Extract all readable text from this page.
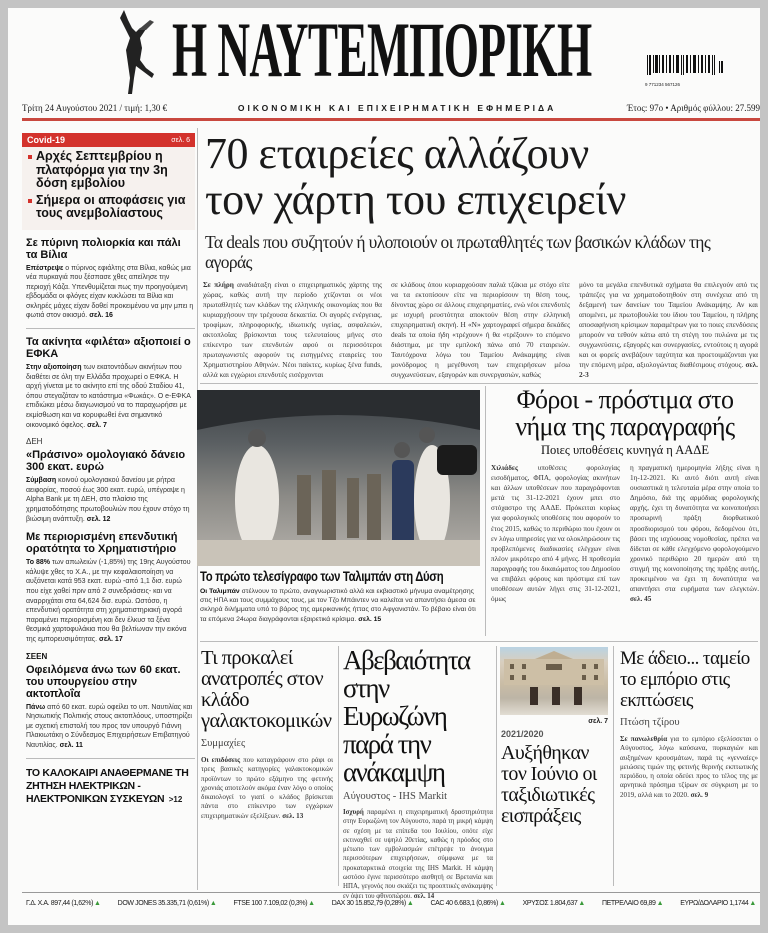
Η ΝΑΥΤΕΜΠΟΡΙΚΗ	9 771234 567126
Τρίτη 24 Αυγούστου 2021 / τιμή: 1,30 €	ΟΙΚΟΝΟΜΙΚΗ ΚΑΙ ΕΠΙΧΕΙΡΗΜΑΤΙΚΗ ΕΦΗΜΕΡΙΔΑ	Έτος: 97ο • Αριθμός φύλλου: 27.599
Covid-19	σελ. 6
Αρχές Σεπτεμβρίου η πλατφόρμα για την 3η δόση εμβολίου
Σήμερα οι αποφάσεις για τους ανεμβολίαστους
Σε πύρινη πολιορκία και πάλι τα Βίλια

Επέστρεψε ο πύρινος εφιάλτης στα Βίλια, καθώς μια νέα πυρκαγιά που ξέσπασε χθες απείλησε την περιοχή Κάζα. Υπενθυμίζεται πως την προηγούμενη εβδομάδα οι φλόγες είχαν κυκλώσει τα Βίλια και σκληρές μάχες είχαν δοθεί προκειμένου να μην μπει η φωτιά στον οικισμό. σελ. 16

Τα ακίνητα «φιλέτα» αξιοποιεί ο ΕΦΚΑ

Στην αξιοποίηση των εκατοντάδων ακινήτων που διαθέτει σε όλη την Ελλάδα προχωρεί ο ΕΦΚΑ. Η αρχή γίνεται με το ακίνητο επί της οδού Σταδίου 41, όπου στεγαζόταν το κατάστημα «Φωκάς». Ο e-ΕΦΚΑ επιδιώκει μέσω διαγωνισμού να το παραχωρήσει με εκμίσθωση και να κορυφωθεί ένα σημαντικό οικονομικό όφελος. σελ. 7

ΔΕΗ
«Πράσινο» ομολογιακό δάνειο 300 εκατ. ευρώ

Σύμβαση κοινού ομολογιακού δανείου με ρήτρα αειφορίας, ποσού έως 300 εκατ. ευρώ, υπέγραψε η Alpha Bank με τη ΔΕΗ, στο πλαίσιο της χρηματοδότησης πρωτοβουλιών που έχουν στόχο τη βιώσιμη ανάπτυξη. σελ. 12

Με περιορισμένη επενδυτική ορατότητα το Χρηματιστήριο

Το 88% των απωλειών (-1,85%) της 19ης Αυγούστου κάλυψε χθες το Χ.Α., με την κεφαλαιοποίηση να αυξάνεται κατά 953 εκατ. ευρώ -από 1,1 δισ. ευρώ που είχε χαθεί πριν από 2 συνεδριάσεις- και να αναρριχάται στα 64,624 δισ. ευρώ. Ωστόσο, η επενδυτική ορατότητα στη χρηματιστηριακή αγορά παραμένει περιορισμένη και δεν έλκυσ τα ξένα θεσμικά χαρτοφυλάκια που θα βελτίωναν την εικόνα της εμπορευσιμότητας. σελ. 17

ΣΕΕΝ
Οφειλόμενα άνω των 60 εκατ. του υπουργείου στην ακτοπλοΐα

Πάνω από 60 εκατ. ευρώ οφείλει το υπ. Ναυτιλίας και Νησιωτικής Πολιτικής στους ακτοπλόους, υποστηρίζει με σχετική επιστολή του προς τον υπουργό Γιάννη Πλακιωτάκη ο Σύνδεσμος Επιχειρήσεων Επιβατηγού Ναυτιλίας. σελ. 11

ΤΟ ΚΑΛΟΚΑΙΡΙ ΑΝΑΘΕΡΜΑΝΕ ΤΗ ΖΗΤΗΣΗ ΗΛΕΚΤΡΙΚΩΝ - ΗΛΕΚΤΡΟΝΙΚΩΝ ΣΥΣΚΕΥΩΝ >12
70 εταιρείες αλλάζουν
τον χάρτη του επιχειρείν
Τα deals που συζητούν ή υλοποιούν οι πρωταθλητές των βασικών κλάδων της αγοράς

Σε πλήρη αναδιάταξη είναι ο επιχειρηματικός χάρτης της χώρας, καθώς αυτή την περίοδο χτίζονται οι νέοι πρωταθλητές των κλάδων της ελληνικής οικονομίας που θα κυριαρχήσουν την τρέχουσα δεκαετία. Οι αγορές ενέργειας, τροφίμων, πληροφορικής, ιδιωτικής υγείας, ασφαλειών, ακτοπλοΐας βρίσκονται τους τελευταίους μήνες στο επίκεντρο των επενδυτών αφού οι περισσότεροι πρωταγωνιστές αφορούν τις εισηγμένες εταιρείες του Χρηματιστηρίου Αθηνών. Νέοι παίκτες, κυρίως ξένα funds, αλλά και εγχώριοι επενδυτές εισέρχονται

σε κλάδους όπου κυριαρχούσαν παλιά τζάκια με στόχο είτε να τα εκτοπίσουν είτε να περιορίσουν τη θέση τους, δίνοντας χώρο σε άλλους επιχειρηματίες, ενώ νέοι επενδυτές με ισχυρή ρευστότητα αποκτούν θέση στην ελληνική επιχειρηματική σκηνή. Η «Ν» χαρτογραφεί σήμερα δεκάδες deals τα οποία ήδη «τρέχουν» ή θα «τρέξουν» το επόμενο διάστημα, με την εμπλοκή πάνω από 70 εταιρειών. Ταυτόχρονα λόγω του Ταμείου Ανάκαμψης είναι μονόδρομος η μεγέθυνση των επιχειρήσεων μέσω συγχωνεύσεων, εξαγορών και συνεργασιών, καθώς

μόνο τα μεγάλα επενδυτικά σχήματα θα επιλεγούν από τις τράπεζες για να χρηματοδοτηθούν στη συνέχεια από τη δεξαμενή των δανείων του Ταμείου Ανάκαμψης. Αν και απομένει, με πρωτοβουλία του ίδιου του Ταμείου, η πλήρης αποσαφήνιση κρίσιμων παραμέτρων για το ποιες επενδύσεις μπορούν να τεθούν κάτω από τη στέγη του πυλώνα με τις συγχωνεύσεις, εξαγορές και συνεργασίες, εντούτοις η αγορά και οι φορείς ανεβάζουν ταχύτητα και προετοιμάζονται για την επόμενη μέρα, αξιολογώντας διαθέσιμους στόχους. σελ. 2-3

Το πρώτο τελεσίγραφο των Ταλιμπάν στη Δύση

Οι Ταλιμπάν στέλνουν το πρώτο, αναγνωριστικό αλλά και εκβιαστικό μήνυμα αναμέτρησης στις ΗΠΑ και τους συμμάχους τους, με τον Τζο Μπάιντεν να καλείται να απαντήσει άμεσα σε σκληρά διλήμματα υπό το βάρος της αμερικανικής ήττας στο Αφγανιστάν. Το βέβαιο είναι ότι τα επόμενα 24ωρα διαγράφονται εξαιρετικά κρίσιμα. σελ. 15

Φόροι - πρόστιμα στο νήμα της παραγραφής
Ποιες υποθέσεις κυνηγά η ΑΑΔΕ

Χιλιάδες υποθέσεις φορολογίας εισοδήματος, ΦΠΑ, φορολογίας ακινήτων και άλλων υποθέσεων που παραγράφονται μετά τις 31-12-2021 έχουν μπει στο στόχαστρο της ΑΑΔΕ. Πρόκειται κυρίως για φορολογικές υποθέσεις που αφορούν το έτος 2015, καθώς το περιθώριο που έχουν οι εν λόγω υπηρεσίες για να ολοκληρώσουν τις προβλεπόμενες διαδικασίες ελέγχων είναι πλέον μικρότερο από 4 μήνες. Η προθεσμία παραγραφής του δικαιώματος του Δημοσίου να επιβάλει φόρους και πρόστιμα επί των υποθέσεων αυτών λήγει στις 31-12-2021, όμως

η πραγματική ημερομηνία λήξης είναι η 1η-12-2021. Κι αυτό διότι αυτή είναι ουσιαστικά η τελευταία μέρα στην οποία το Δημόσιο, διά της αρμόδιας φορολογικής αρχής, έχει τη δυνατότητα να κοινοποιήσει προσωρινή πράξη διορθωτικού προσδιορισμού του φόρου, δεδομένου ότι, βάσει της ισχύουσας νομοθεσίας, πρέπει να δίδεται σε κάθε ελεγχόμενο φορολογούμενο χρονικό περιθώριο 20 ημερών από τη στιγμή της κοινοποίησης της πράξης αυτής, προκειμένου να έχει τη δυνατότητα να απαντήσει στα ευρήματα των ελεγκτών. σελ. 45

Τι προκαλεί ανατροπές στον κλάδο γαλακτοκομικών
Συμμαχίες

Οι επιδόσεις που καταγράφουν στο ράφι οι τρεις βασικές κατηγορίες γαλακτοκομικών προϊόντων το πρώτο εξάμηνο της φετινής χρονιάς αποτελούν ακόμα έναν λόγο ο οποίος δικαιολογεί το γιατί ο κλάδος βρίσκεται πάντα στο επίκεντρο των εγχώριων επιχειρηματικών εξελίξεων. σελ. 13

Αβεβαιότητα στην Ευρωζώνη παρά την ανάκαμψη
Αύγουστος - IHS Markit

Ισχυρή παραμένει η επιχειρηματική δραστηριότητα στην Ευρωζώνη τον Αύγουστο, παρά τη μικρή κάμψη σε σχέση με τα επίπεδα του Ιουλίου, οπότε είχε εκτιναχθεί σε υψηλό 20ετίας, καθώς η πρόοδος στο μέτωπο των εμβολιασμών επέτρεψε το άνοιγμα περισσότερων επιχειρήσεων, σύμφωνα με τα προκαταρκτικά στοιχεία της IHS Markit. Η κάμψη ωστόσο έγινε περισσότερο αισθητή σε Βρετανία και ΗΠΑ, γεγονός που σκιάζει τις προοπτικές ανάκαμψης εν όψει του φθινοπώρου. σελ. 14

σελ. 7
2021/2020
Αυξήθηκαν τον Ιούνιο οι ταξιδιωτικές εισπράξεις
Με άδειο... ταμείο το εμπόριο στις εκπτώσεις
Πτώση τζίρου

Σε πανωλεθρία για το εμπόριο εξελίσσεται ο Αύγουστος, λόγω καύσωνα, πυρκαγιών και αυξημένων κρουσμάτων, παρά τις «γενναίες» μειώσεις τιμών της φετινής θερινής εκπτωτικής περιόδου, η οποία οδεύει προς το τέλος της με αρνητικά πρόσημα τζίρων σε σύγκριση με το 2019, αλλά και το 2020. σελ. 9

Γ.Δ. Χ.Α. 897,44 (1,62%)▲ DOW JONES 35.335,71 (0,61%)▲ FTSE 100 7.109,02 (0,3%)▲ DAX 30 15.852,79 (0,28%)▲ CAC 40 6.683,1 (0,86%)▲ ΧΡΥΣΟΣ 1.804,637▲ ΠΕΤΡΕΛΑΙΟ 69,89▲ ΕΥΡΩ/ΔΟΛΑΡΙΟ 1,1744▲
